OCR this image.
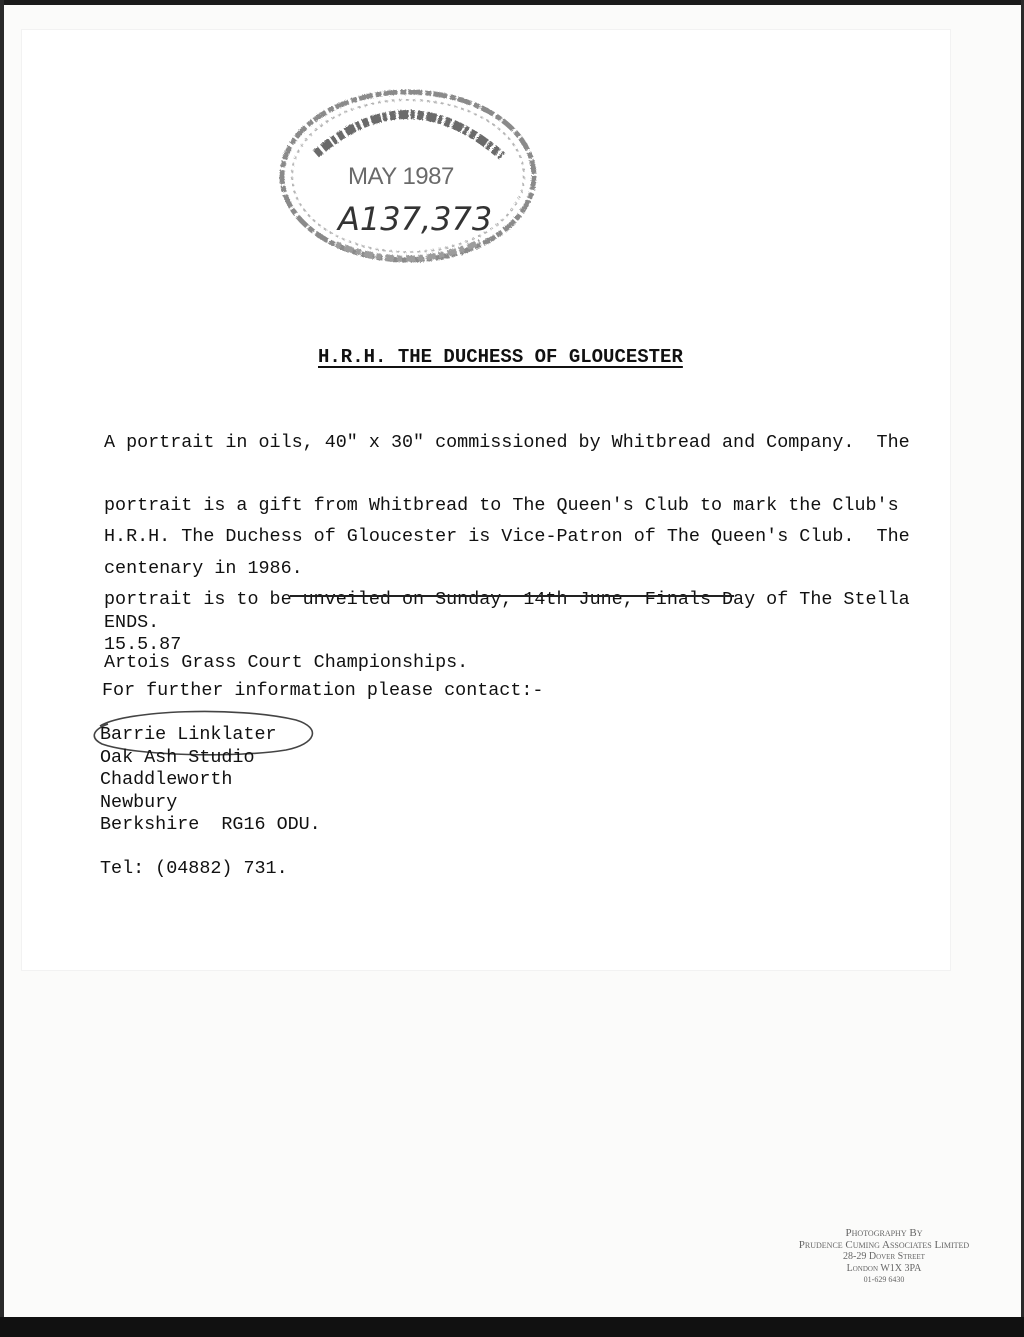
MAY 1987
A137,373
H.R.H. THE DUCHESS OF GLOUCESTER

A portrait in oils, 40" x 30" commissioned by Whitbread and Company.  The

portrait is a gift from Whitbread to The Queen's Club to mark the Club's

centenary in 1986.

H.R.H. The Duchess of Gloucester is Vice-Patron of The Queen's Club.  The

portrait is to be unveiled on Sunday, 14th June, Finals Day of The Stella

Artois Grass Court Championships.

ENDS.
15.5.87
For further information please contact:-
Barrie Linklater
Oak Ash Studio
Chaddleworth
Newbury
Berkshire  RG16 ODU.
Tel: (04882) 731.
Photography By
Prudence Cuming Associates Limited
28-29 Dover Street
London W1X 3PA
01-629 6430
